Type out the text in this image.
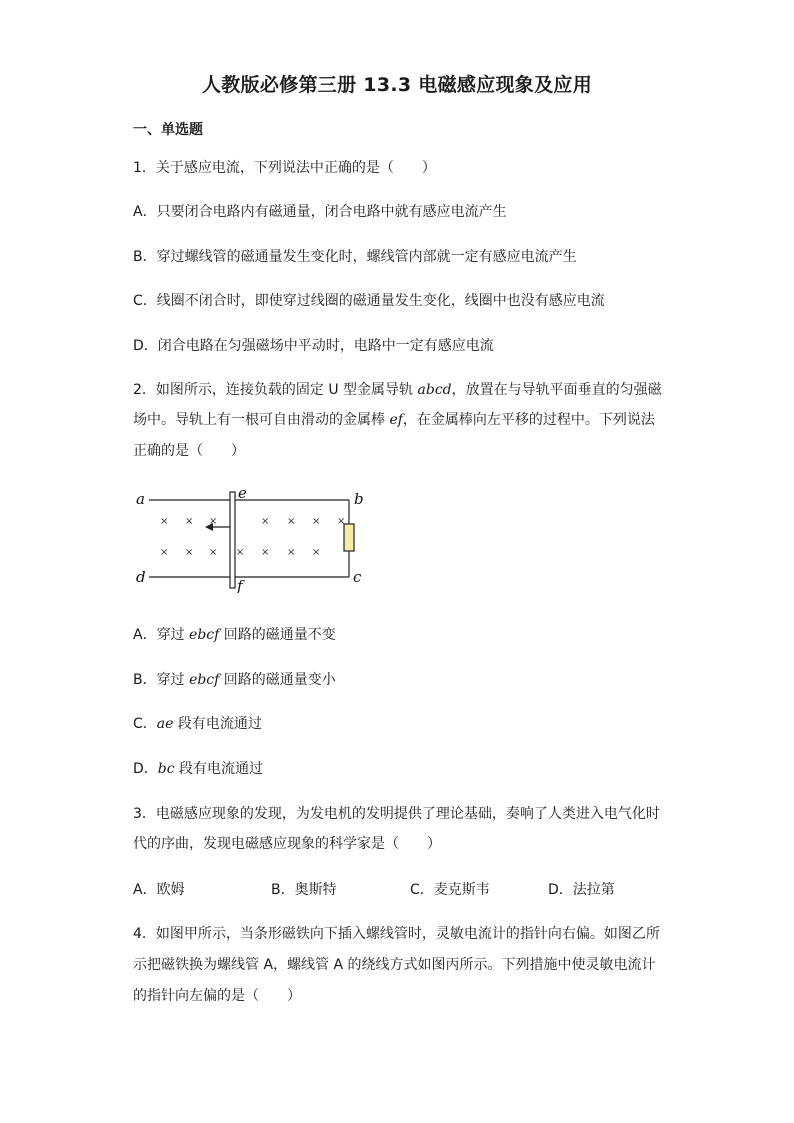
人教版必修第三册 13.3 电磁感应现象及应用
一、单选题
1．关于感应电流，下列说法中正确的是（　　）
A．只要闭合电路内有磁通量，闭合电路中就有感应电流产生
B．穿过螺线管的磁通量发生变化时，螺线管内部就一定有感应电流产生
C．线圈不闭合时，即使穿过线圈的磁通量发生变化，线圈中也没有感应电流
D．闭合电路在匀强磁场中平动时，电路中一定有感应电流
2．如图所示，连接负载的固定 U 型金属导轨 abcd，放置在与导轨平面垂直的匀强磁
场中。导轨上有一根可自由滑动的金属棒 ef，在金属棒向左平移的过程中。下列说法
正确的是（　　）
× × ×	× × × ×
× × × × × × ×
a	b
c
d
e
f
A．穿过 ebcf 回路的磁通量不变
B．穿过 ebcf 回路的磁通量变小
C．ae 段有电流通过
D．bc 段有电流通过
3．电磁感应现象的发现，为发电机的发明提供了理论基础，奏响了人类进入电气化时
代的序曲，发现电磁感应现象的科学家是（　　）
A．欧姆	B．奥斯特	C．麦克斯韦	D．法拉第
4．如图甲所示，当条形磁铁向下插入螺线管时，灵敏电流计的指针向右偏。如图乙所
示把磁铁换为螺线管 A，螺线管 A 的绕线方式如图丙所示。下列措施中使灵敏电流计
的指针向左偏的是（　　）
